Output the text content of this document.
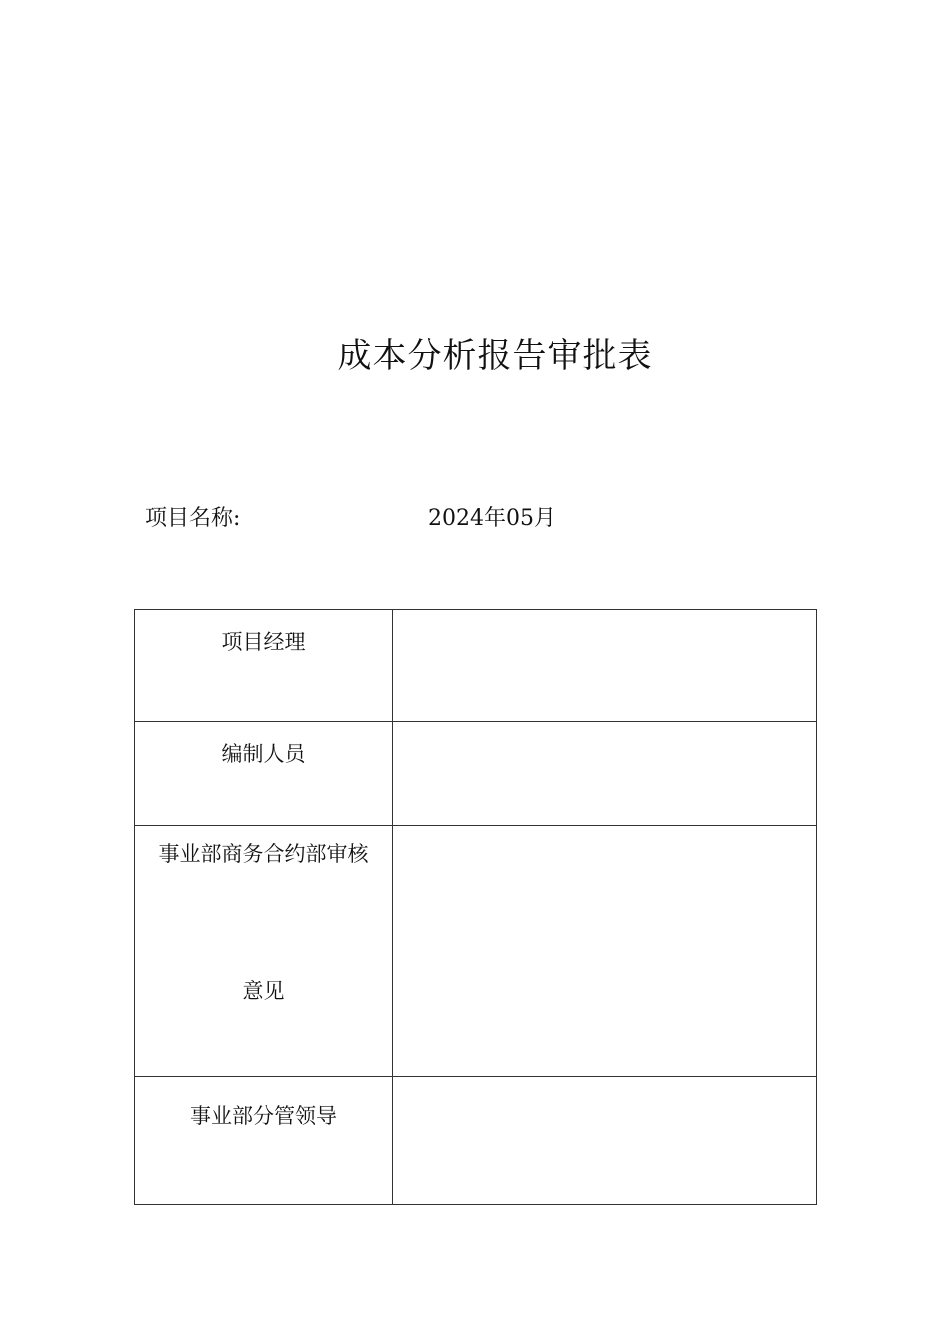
成本分析报告审批表
项目名称:	2024年05月
项目经理	

编制人员	

事业部商务合约部审核
意见	

事业部分管领导	
